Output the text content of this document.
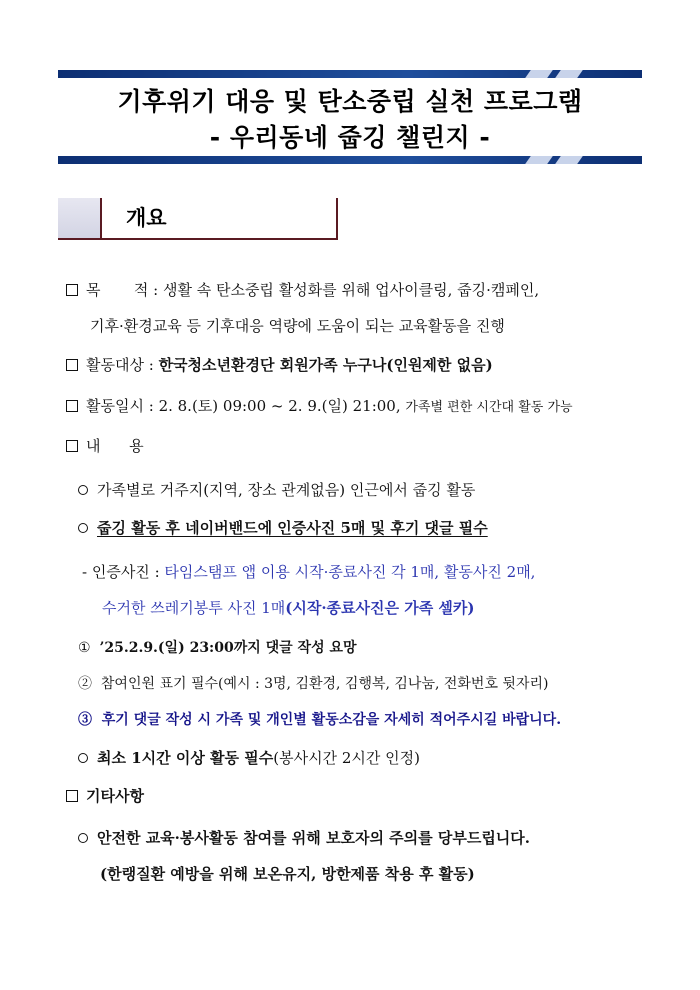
기후위기 대응 및 탄소중립 실천 프로그램
- 우리동네 줍깅 챌린지 -
개요
목       적 : 생활 속 탄소중립 활성화를 위해 업사이클링, 줍깅·캠페인,
기후·환경교육 등 기후대응 역량에 도움이 되는 교육활동을 진행
활동대상 : 한국청소년환경단 회원가족 누구나(인원제한 없음)
활동일시 : 2. 8.(토) 09:00 ~ 2. 9.(일) 21:00, 가족별 편한 시간대 활동 가능
내      용
가족별로 거주지(지역, 장소 관계없음) 인근에서 줍깅 활동
줍깅 활동 후 네이버밴드에 인증사진 5매 및 후기 댓글 필수
- 인증사진 : 타임스탬프 앱 이용 시작·종료사진 각 1매, 활동사진 2매,
수거한 쓰레기봉투 사진 1매(시작·종료사진은 가족 셀카)
① ’25.2.9.(일) 23:00까지 댓글 작성 요망
② 참여인원 표기 필수(예시 : 3명, 김환경, 김행복, 김나눔, 전화번호 뒷자리)
③ 후기 댓글 작성 시 가족 및 개인별 활동소감을 자세히 적어주시길 바랍니다.
최소 1시간 이상 활동 필수(봉사시간 2시간 인정)
기타사항
안전한 교육·봉사활동 참여를 위해 보호자의 주의를 당부드립니다.
(한랭질환 예방을 위해 보온유지, 방한제품 착용 후 활동)
